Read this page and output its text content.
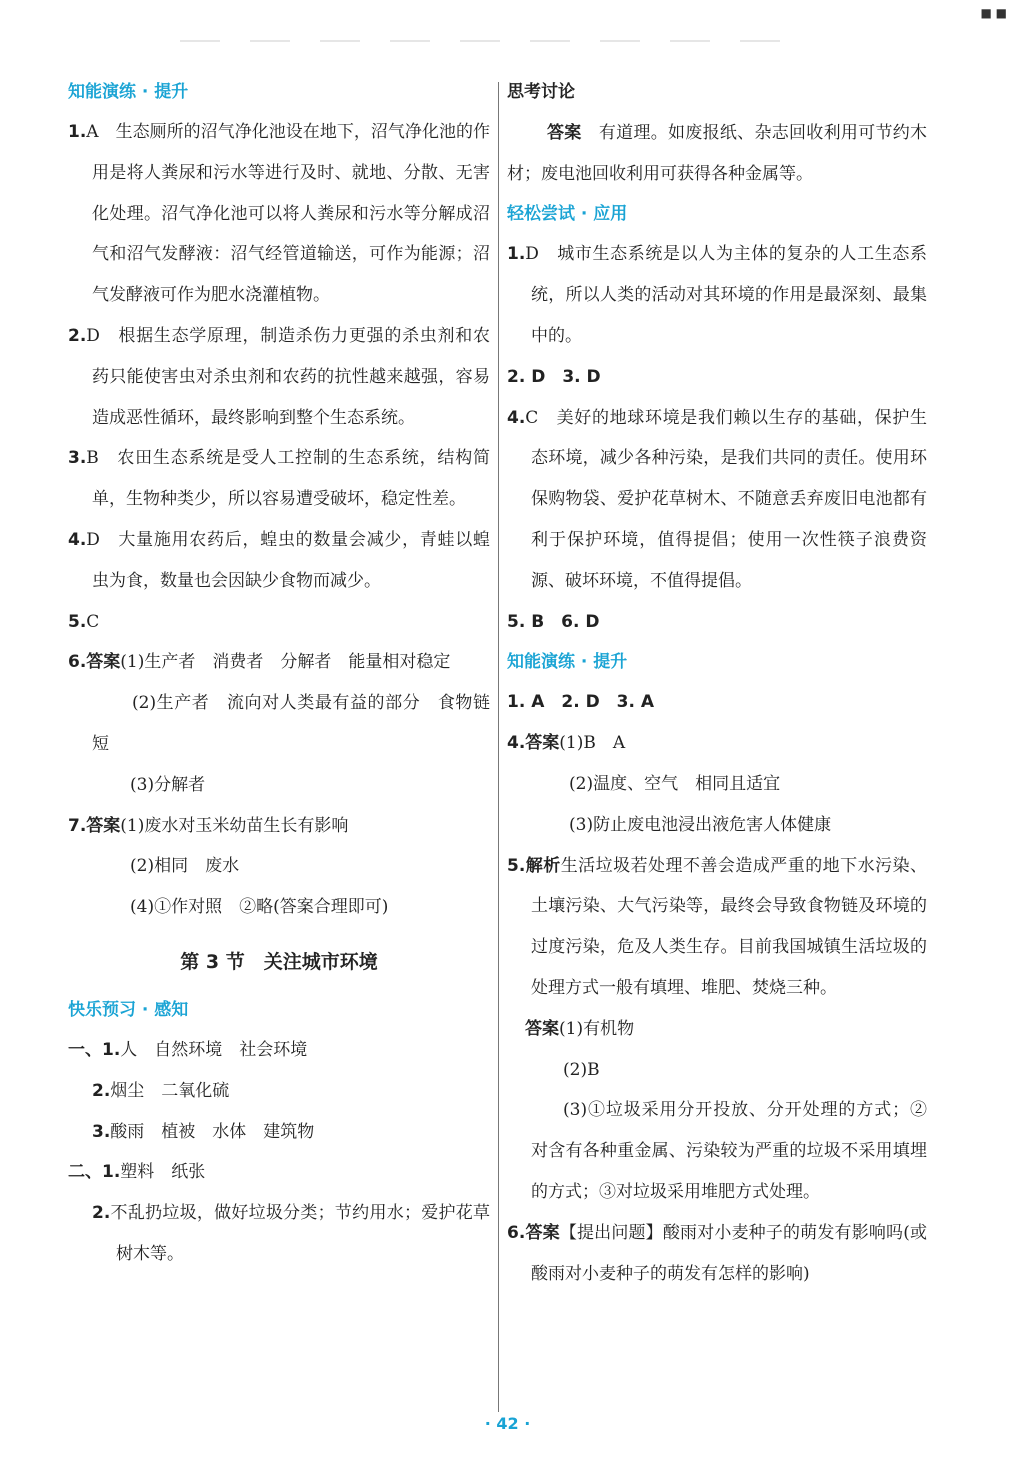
■ ■

知能演练 · 提升

1.A　生态厕所的沼气净化池设在地下，沼气净化池的作用是将人粪尿和污水等进行及时、就地、分散、无害化处理。沼气净化池可以将人粪尿和污水等分解成沼气和沼气发酵液：沼气经管道输送，可作为能源；沼气发酵液可作为肥水浇灌植物。

2.D　根据生态学原理，制造杀伤力更强的杀虫剂和农药只能使害虫对杀虫剂和农药的抗性越来越强，容易造成恶性循环，最终影响到整个生态系统。

3.B　农田生态系统是受人工控制的生态系统，结构简单，生物种类少，所以容易遭受破坏，稳定性差。

4.D　大量施用农药后，蝗虫的数量会减少，青蛙以蝗虫为食，数量也会因缺少食物而减少。

5.C

6.答案(1)生产者　消费者　分解者　能量相对稳定

(2)生产者　流向对人类最有益的部分　食物链短

(3)分解者

7.答案(1)废水对玉米幼苗生长有影响

(2)相同　废水

(4)①作对照　②略(答案合理即可)

第 3 节　关注城市环境

快乐预习 · 感知

一、1.人　自然环境　社会环境

2.烟尘　二氧化硫

3.酸雨　植被　水体　建筑物

二、1.塑料　纸张

2.不乱扔垃圾，做好垃圾分类；节约用水；爱护花草树木等。

思考讨论

答案　 有道理。如废报纸、杂志回收利用可节约木材；废电池回收利用可获得各种金属等。

轻松尝试 · 应用

1.D　城市生态系统是以人为主体的复杂的人工生态系统，所以人类的活动对其环境的作用是最深刻、最集中的。

2. D　3. D

4.C　美好的地球环境是我们赖以生存的基础，保护生态环境，减少各种污染，是我们共同的责任。使用环保购物袋、爱护花草树木、不随意丢弃废旧电池都有利于保护环境，值得提倡；使用一次性筷子浪费资源、破坏环境，不值得提倡。

5. B　6. D

知能演练 · 提升

1. A　2. D　3. A

4.答案(1)B　A

(2)温度、空气　相同且适宜

(3)防止废电池浸出液危害人体健康

5.解析生活垃圾若处理不善会造成严重的地下水污染、土壤污染、大气污染等，最终会导致食物链及环境的过度污染，危及人类生存。目前我国城镇生活垃圾的处理方式一般有填埋、堆肥、焚烧三种。

答案(1)有机物

(2)B

(3)①垃圾采用分开投放、分开处理的方式；②对含有各种重金属、污染较为严重的垃圾不采用填埋的方式；③对垃圾采用堆肥方式处理。

6.答案【提出问题】酸雨对小麦种子的萌发有影响吗(或酸雨对小麦种子的萌发有怎样的影响)

· 42 ·
